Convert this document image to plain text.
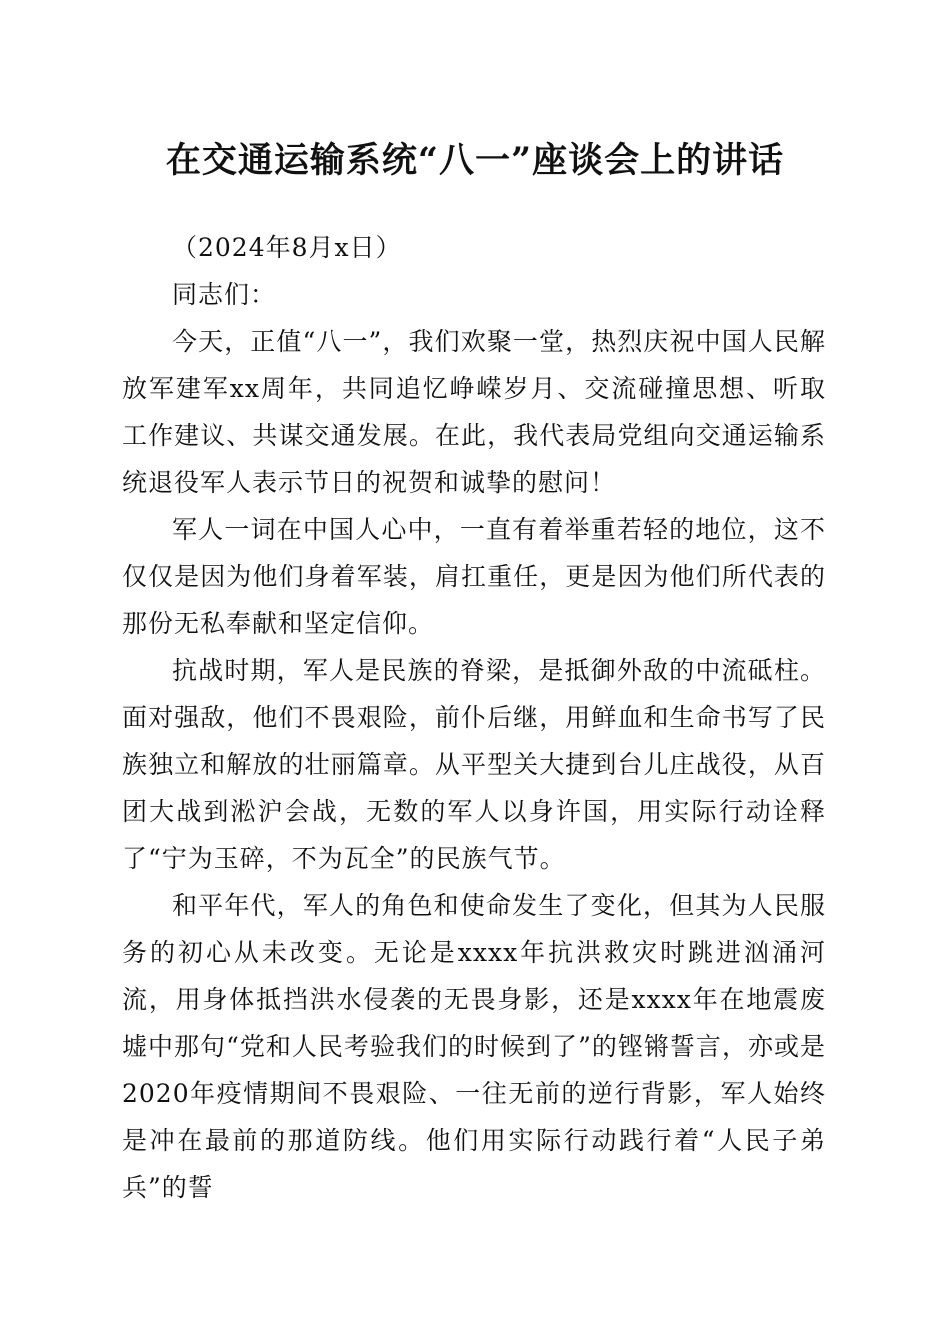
在交通运输系统“八一”座谈会上的讲话

（2024年8月x日）

同志们：

今天，正值“八一”，我们欢聚一堂，热烈庆祝中国人民解放军建军xx周年，共同追忆峥嵘岁月、交流碰撞思想、听取工作建议、共谋交通发展。在此，我代表局党组向交通运输系统退役军人表示节日的祝贺和诚挚的慰问！

军人一词在中国人心中，一直有着举重若轻的地位，这不仅仅是因为他们身着军装，肩扛重任，更是因为他们所代表的那份无私奉献和坚定信仰。

抗战时期，军人是民族的脊梁，是抵御外敌的中流砥柱。面对强敌，他们不畏艰险，前仆后继，用鲜血和生命书写了民族独立和解放的壮丽篇章。从平型关大捷到台儿庄战役，从百团大战到淞沪会战，无数的军人以身许国，用实际行动诠释了“宁为玉碎，不为瓦全”的民族气节。

和平年代，军人的角色和使命发生了变化，但其为人民服务的初心从未改变。无论是xxxx年抗洪救灾时跳进汹涌河流，用身体抵挡洪水侵袭的无畏身影，还是xxxx年在地震废墟中那句“党和人民考验我们的时候到了”的铿锵誓言，亦或是2020年疫情期间不畏艰险、一往无前的逆行背影，军人始终是冲在最前的那道防线。他们用实际行动践行着“人民子弟兵”的誓
